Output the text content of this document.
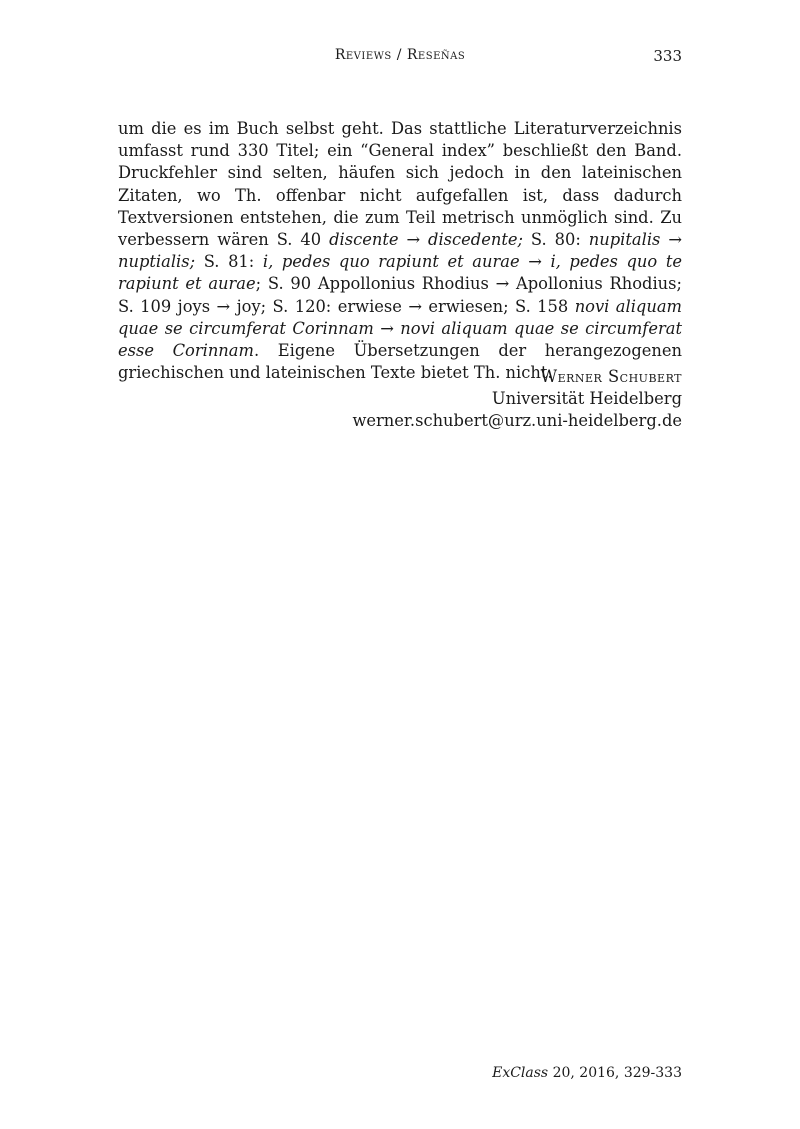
Reviews / Reseñas	333

um die es im Buch selbst geht. Das stattliche Literaturverzeichnis umfasst rund 330 Titel; ein “General index” beschließt den Band. Druckfehler sind selten, häufen sich jedoch in den lateinischen Zitaten, wo Th. offenbar nicht aufgefallen ist, dass dadurch Textversionen entstehen, die zum Teil metrisch unmöglich sind. Zu verbessern wären S. 40 discente → discedente; S. 80: nupitalis → nuptialis; S. 81: i, pedes quo rapiunt et aurae → i, pedes quo te rapiunt et aurae; S. 90 Appollonius Rhodius → Apollonius Rhodius; S. 109 joys → joy; S. 120: erwiese → erwiesen; S. 158 novi aliquam quae se circumferat Corinnam → novi aliquam quae se circumferat esse Corinnam. Eigene Übersetzungen der herangezogenen griechischen und lateinischen Texte bietet Th. nicht.

Werner Schubert
Universität Heidelberg
werner.schubert@urz.uni-heidelberg.de
ExClass 20, 2016, 329-333
